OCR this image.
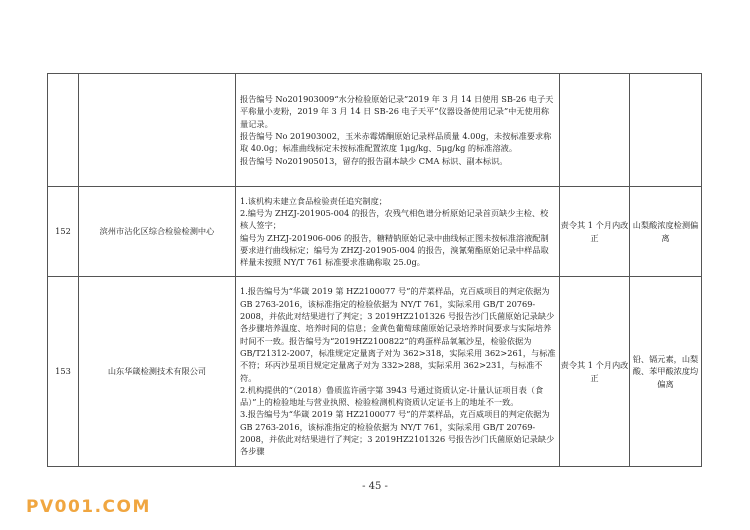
		报告编号 No201903009“水分检验原始记录”2019 年 3 月 14 日使用 SB-26 电子天平称量小麦粉，2019 年 3 月 14 日 SB-26 电子天平“仪器设备使用记录”中无使用称量记录。

报告编号 No 201903002，玉米赤霉烯酮原始记录样品质量 4.00g，未按标准要求称取 40.0g；标准曲线标定未按标准配置浓度 1μg/kg、5μg/kg 的标准溶液。

报告编号 No201905013，留存的报告副本缺少 CMA 标识、副本标识。		

152	滨州市沾化区综合检验检测中心	1.该机构未建立食品检验责任追究制度；

2.编号为 ZHZJ-201905-004 的报告，农残气相色谱分析原始记录首页缺少主检、校核人签字；

编号为 ZHZJ-201906-006 的报告，糖精钠原始记录中曲线标正图未按标准溶液配制要求进行曲线标定；编号为 ZHZJ-201905-004 的报告，溴氰菊酯原始记录中样品取样量未按照 NY/T 761 标准要求准确称取 25.0g。	责令其 1 个月内改正	山梨酸浓度检测偏离
153	山东华箴检测技术有限公司	1.报告编号为“华箴 2019 第 HZ2100077 号”的芹菜样品，克百威项目的判定依据为 GB 2763-2016，该标准指定的检验依据为 NY/T 761，实际采用 GB/T 20769-2008，并依此对结果进行了判定；3 2019HZ2101326 号报告沙门氏菌原始记录缺少各步骤培养温度、培养时间的信息；金黄色葡萄球菌原始记录培养时间要求与实际培养时间不一致。报告编号为“2019HZ2100822”的鸡蛋样品氧氟沙星，检验依据为 GB/T21312-2007，标准规定定量离子对为 362>318，实际采用 362>261，与标准不符；环丙沙星项目规定定量离子对为 332>288，实际采用 362>231，与标准不符。

2.机构提供的“（2018）鲁质监许函字第 3943 号通过资质认定-计量认证项目表（食品）”上的检验地址与营业执照、检验检测机构资质认定证书上的地址不一致。

3.报告编号为“华箴 2019 第 HZ2100077 号”的芹菜样品，克百威项目的判定依据为 GB 2763-2016，该标准指定的检验依据为 NY/T 761，实际采用 GB/T 20769-2008，并依此对结果进行了判定；3 2019HZ2101326 号报告沙门氏菌原始记录缺少各步骤	责令其 1 个月内改正	铅、镉元素，山梨酸、苯甲酸浓度均偏离
- 45 -
PV001.COM
